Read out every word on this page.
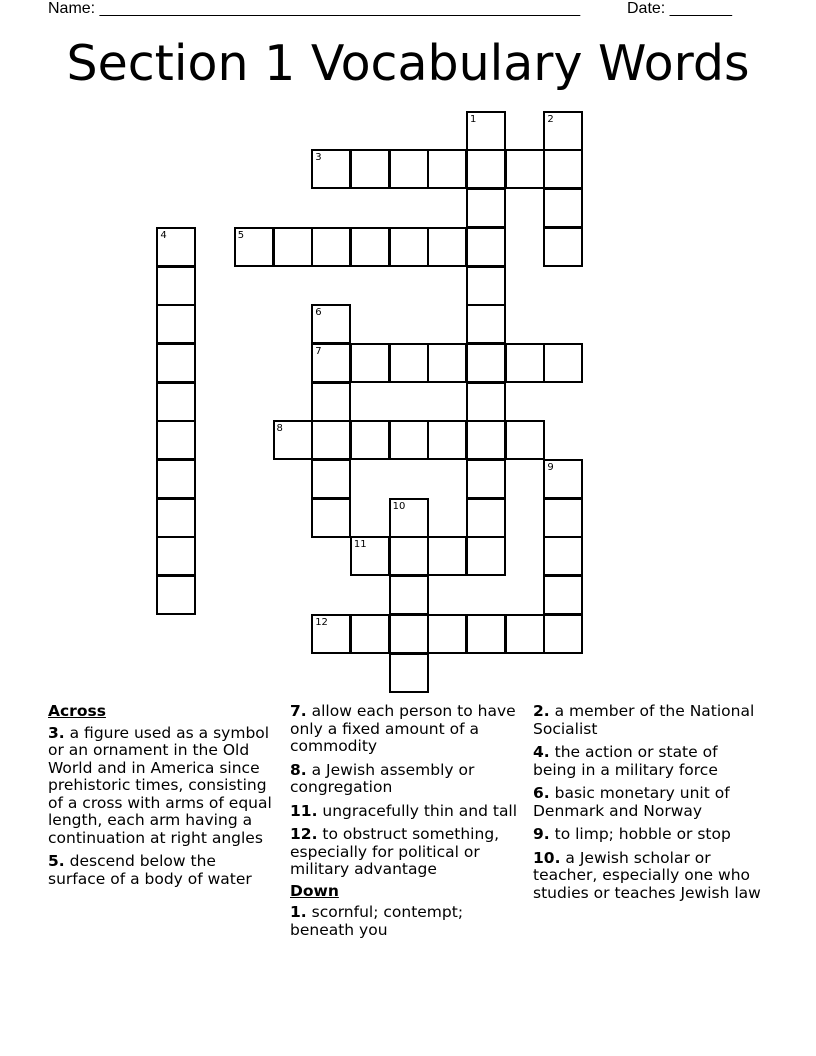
Name: ______________________________________________________	Date: _______
Section 1 Vocabulary Words
1	2
3
4	5
6
7
8
9
10
11
12
Across
3. a figure used as a symbol or an ornament in the Old World and in America since prehistoric times, consisting of a cross with arms of equal length, each arm having a continuation at right angles
5. descend below the surface of a body of water
7. allow each person to have only a fixed amount of a commodity
8. a Jewish assembly or congregation
11. ungracefully thin and tall
12. to obstruct something, especially for political or military advantage
Down
1. scornful; contempt; beneath you
2. a member of the National Socialist
4. the action or state of being in a military force
6. basic monetary unit of Denmark and Norway
9. to limp; hobble or stop
10. a Jewish scholar or teacher, especially one who studies or teaches Jewish law
